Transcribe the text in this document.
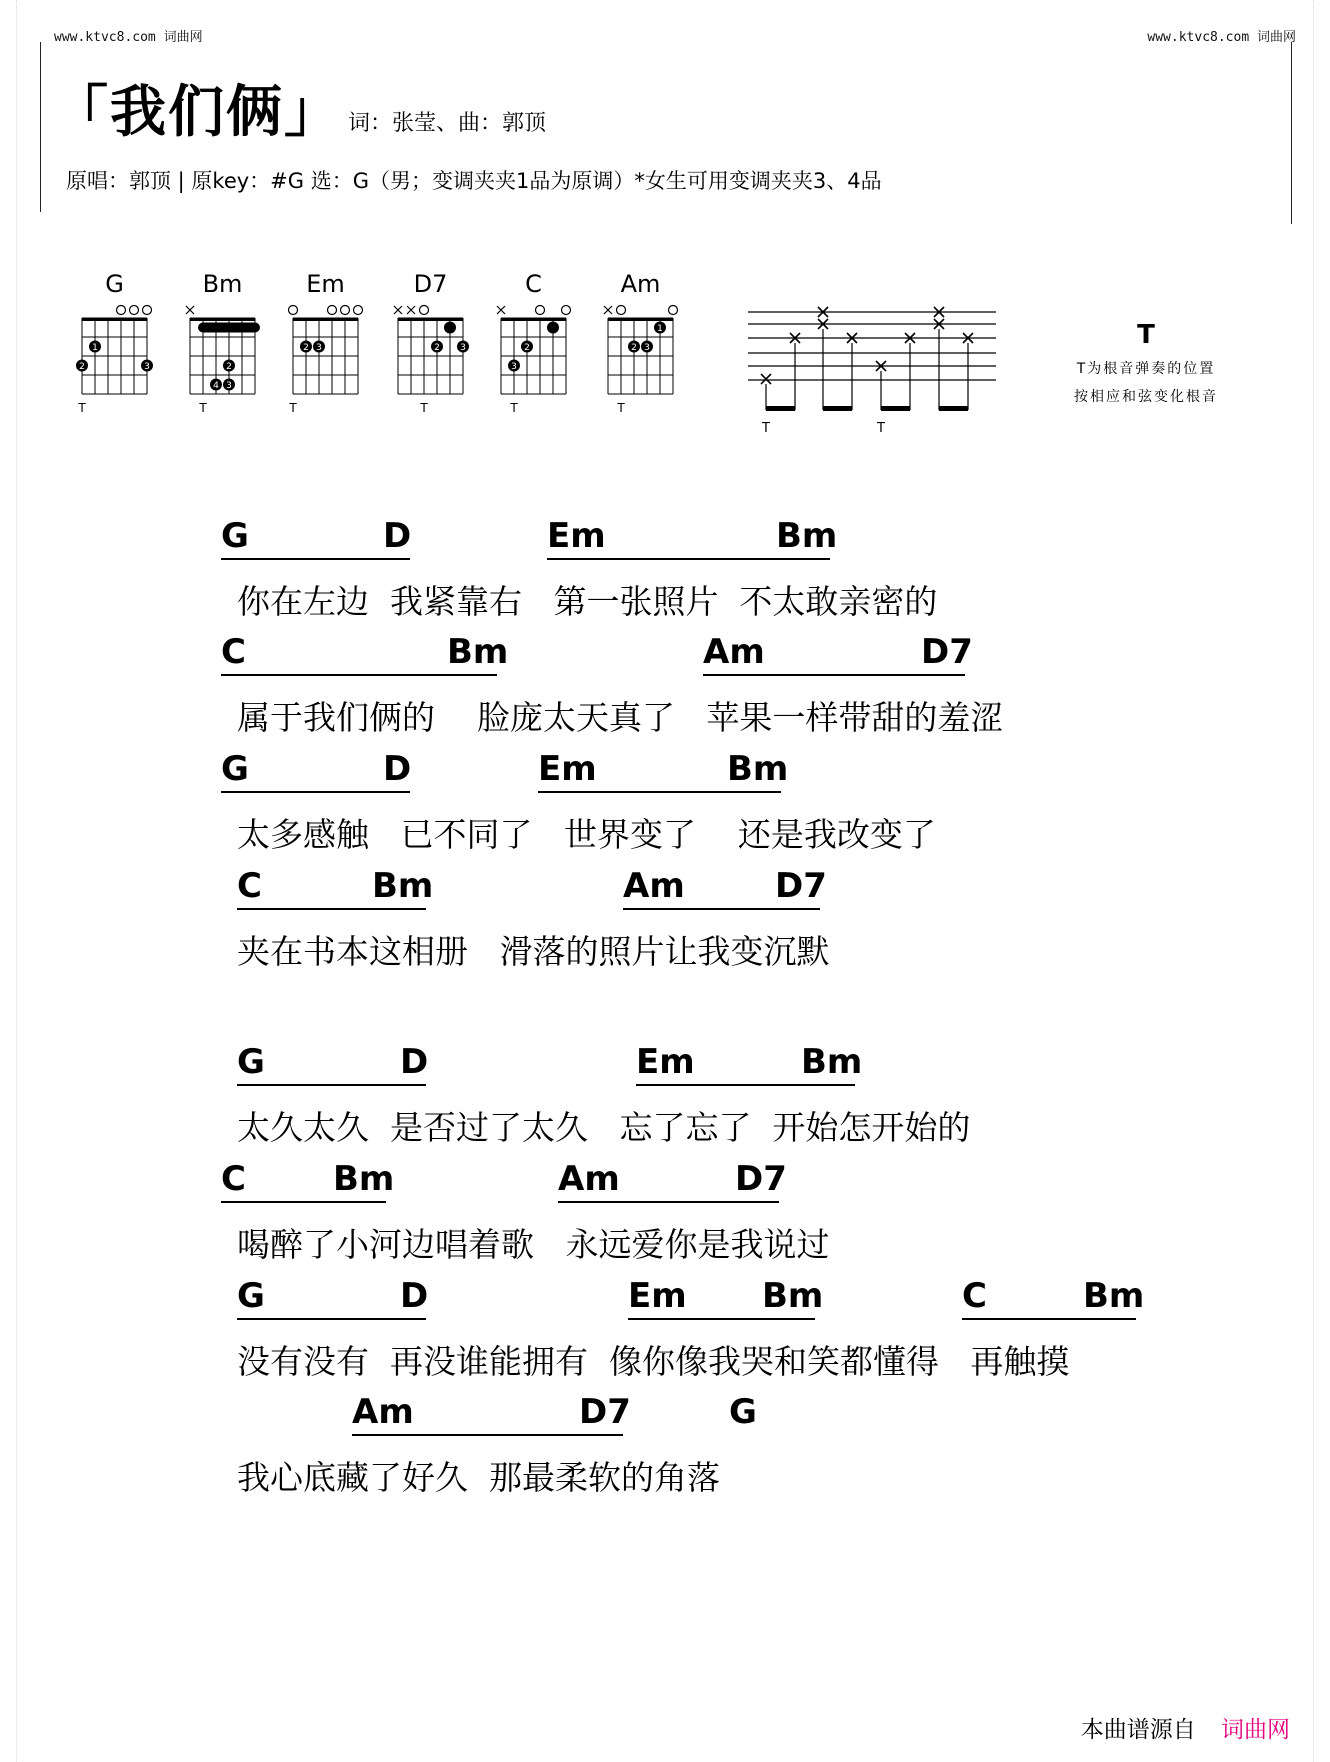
www.ktvc8.com 词曲网	www.ktvc8.com 词曲网
「我们俩」 词：张莹、曲：郭顶
原唱：郭顶 | 原key：#G 选：G（男；变调夹夹1品为原调）*女生可用变调夹夹3、4品
G
2
1
3
T
Bm
2
4 3
T
Em
2 3
T
D7
2 3
T
C
3
2
T
Am
2 3
1
T
T	T
T
T为根音弹奏的位置
按相应和弦变化根音
G	D	Em	Bm
你在左边  我紧靠右   第一张照片  不太敢亲密的
C	Bm	Am	D7
属于我们俩的    脸庞太天真了   苹果一样带甜的羞涩
G	D	Em	Bm
太多感触   已不同了   世界变了    还是我改变了
C	Bm	Am	D7
夹在书本这相册   滑落的照片让我变沉默
G	D	Em	Bm
太久太久  是否过了太久   忘了忘了  开始怎开始的
C	Bm	Am	D7
喝醉了小河边唱着歌   永远爱你是我说过
G	D	Em Bm	C	Bm
没有没有  再没谁能拥有  像你像我哭和笑都懂得   再触摸
Am	D7	G
我心底藏了好久  那最柔软的角落
本曲谱源自 词曲网
